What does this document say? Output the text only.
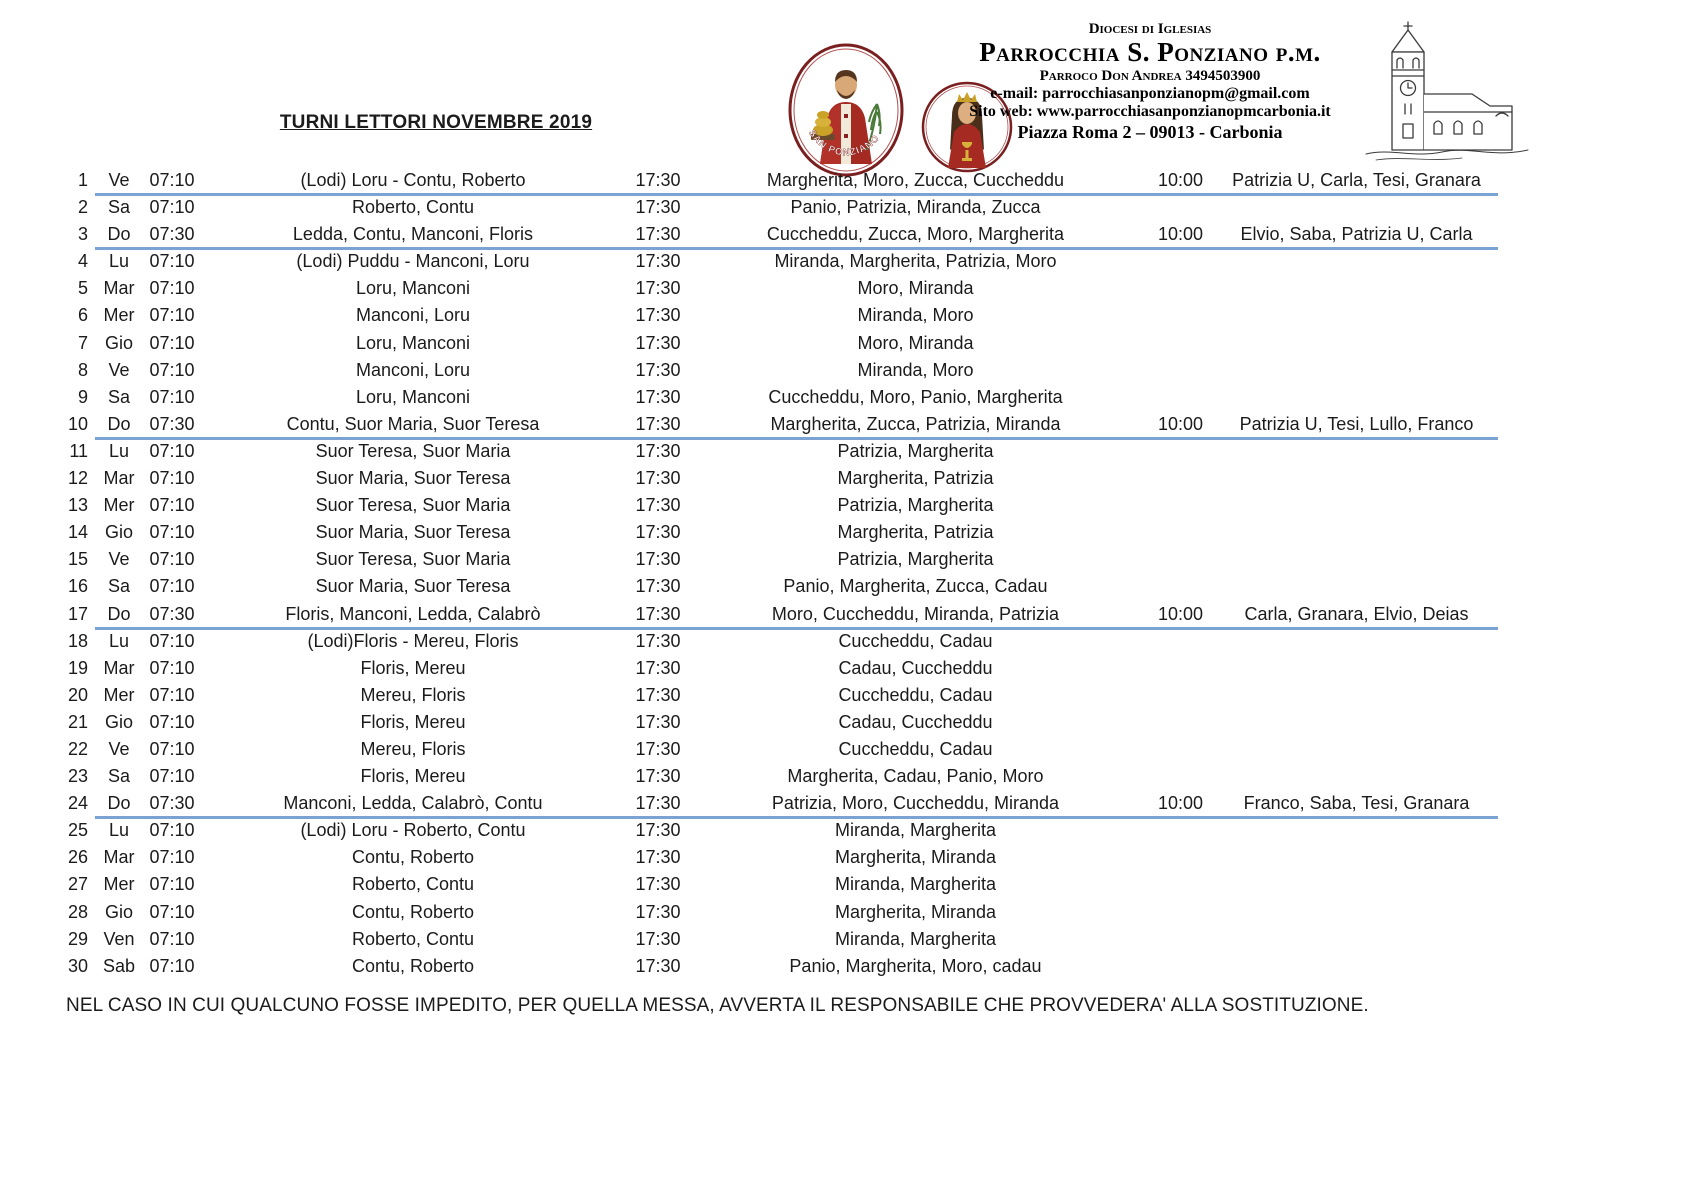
TURNI LETTORI NOVEMBRE 2019
SAN PONZIANO
Diocesi di Iglesias
Parrocchia S. Ponziano p.m.
Parroco Don Andrea 3494503900
e-mail: parrocchiasanponzianopm@gmail.com
Sito web: www.parrocchiasanponzianopmcarbonia.it
Piazza Roma 2 – 09013 - Carbonia
1	Ve	07:10	(Lodi) Loru - Contu, Roberto	17:30	Margherita, Moro, Zucca, Cuccheddu	10:00	Patrizia U, Carla, Tesi, Granara
2	Sa	07:10	Roberto, Contu	17:30	Panio, Patrizia, Miranda, Zucca
3	Do	07:30	Ledda, Contu, Manconi, Floris	17:30	Cuccheddu, Zucca, Moro, Margherita	10:00	Elvio, Saba, Patrizia U, Carla
4	Lu	07:10	(Lodi) Puddu - Manconi, Loru	17:30	Miranda, Margherita, Patrizia, Moro
5 Mar 07:10	Loru, Manconi	17:30	Moro, Miranda
6 Mer 07:10	Manconi, Loru	17:30	Miranda, Moro
7 Gio 07:10	Loru, Manconi	17:30	Moro, Miranda
8	Ve	07:10	Manconi, Loru	17:30	Miranda, Moro
9	Sa	07:10	Loru, Manconi	17:30	Cuccheddu, Moro, Panio, Margherita
10	Do	07:30	Contu, Suor Maria, Suor Teresa	17:30	Margherita, Zucca, Patrizia, Miranda	10:00	Patrizia U, Tesi, Lullo, Franco
11	Lu	07:10	Suor Teresa, Suor Maria	17:30	Patrizia, Margherita
12 Mar 07:10	Suor Maria, Suor Teresa	17:30	Margherita, Patrizia
13 Mer 07:10	Suor Teresa, Suor Maria	17:30	Patrizia, Margherita
14 Gio 07:10	Suor Maria, Suor Teresa	17:30	Margherita, Patrizia
15	Ve	07:10	Suor Teresa, Suor Maria	17:30	Patrizia, Margherita
16	Sa	07:10	Suor Maria, Suor Teresa	17:30	Panio, Margherita, Zucca, Cadau
17	Do	07:30	Floris, Manconi, Ledda, Calabrò	17:30	Moro, Cuccheddu, Miranda, Patrizia	10:00	Carla, Granara, Elvio, Deias
18	Lu	07:10	(Lodi)Floris - Mereu, Floris	17:30	Cuccheddu, Cadau
19 Mar 07:10	Floris, Mereu	17:30	Cadau, Cuccheddu
20 Mer 07:10	Mereu, Floris	17:30	Cuccheddu, Cadau
21 Gio 07:10	Floris, Mereu	17:30	Cadau, Cuccheddu
22	Ve	07:10	Mereu, Floris	17:30	Cuccheddu, Cadau
23	Sa	07:10	Floris, Mereu	17:30	Margherita, Cadau, Panio, Moro
24	Do	07:30	Manconi, Ledda, Calabrò, Contu	17:30	Patrizia, Moro, Cuccheddu, Miranda	10:00	Franco, Saba, Tesi, Granara
25	Lu	07:10	(Lodi) Loru - Roberto, Contu	17:30	Miranda, Margherita
26 Mar 07:10	Contu, Roberto	17:30	Margherita, Miranda
27 Mer 07:10	Roberto, Contu	17:30	Miranda, Margherita
28 Gio 07:10	Contu, Roberto	17:30	Margherita, Miranda
29 Ven 07:10	Roberto, Contu	17:30	Miranda, Margherita
30 Sab 07:10	Contu, Roberto	17:30	Panio, Margherita, Moro, cadau
NEL CASO IN CUI QUALCUNO FOSSE IMPEDITO, PER QUELLA MESSA, AVVERTA IL RESPONSABILE CHE PROVVEDERA' ALLA SOSTITUZIONE.
